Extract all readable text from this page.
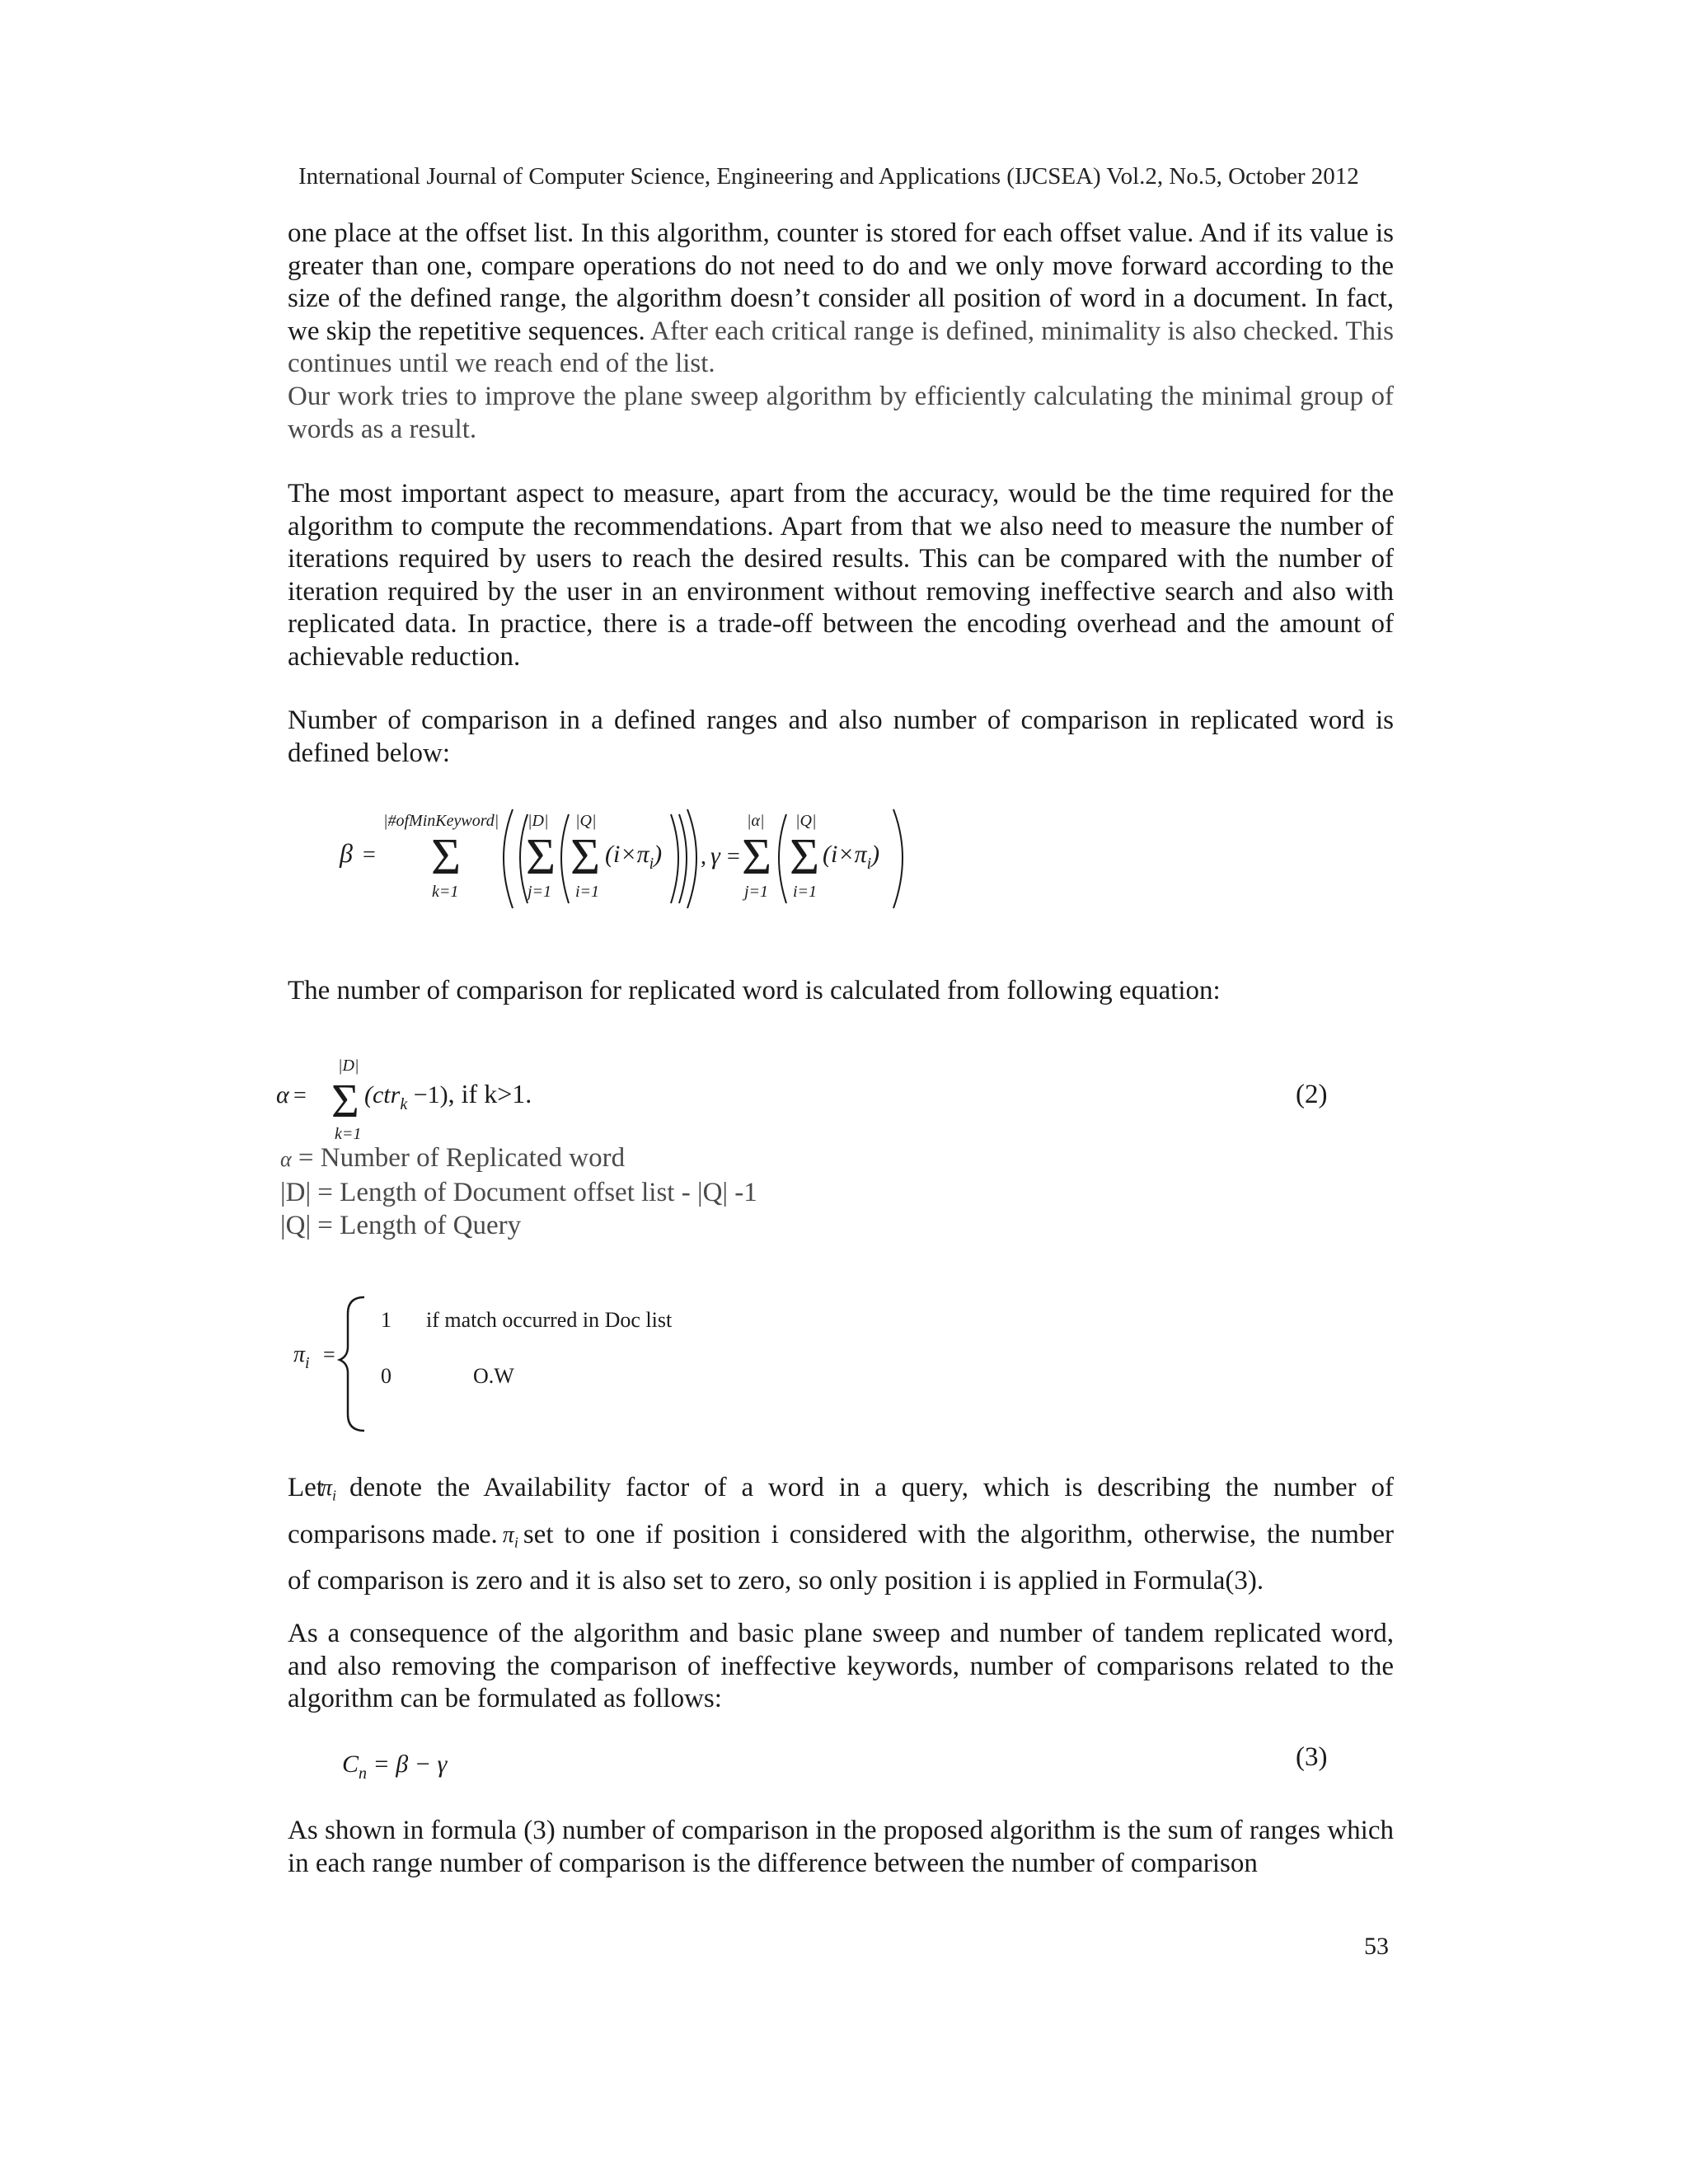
International Journal of Computer Science, Engineering and Applications (IJCSEA) Vol.2, No.5, October 2012
one place at the offset list. In this algorithm, counter is stored for each offset value. And if its value is greater than one, compare operations do not need to do and we only move forward according to the size of the defined range, the algorithm doesn’t consider all position of word in a document. In fact, we skip the repetitive sequences. After each critical range is defined, minimality is also checked. This continues until we reach end of the list.
Our work tries to improve the plane sweep algorithm by efficiently calculating the minimal group of words as a result.
The most important aspect to measure, apart from the accuracy, would be the time required for the algorithm to compute the recommendations. Apart from that we also need to measure the number of iterations required by users to reach the desired results. This can be compared with the number of iteration required by the user in an environment without removing ineffective search and also with replicated data. In practice, there is a trade-off between the encoding overhead and the amount of achievable reduction.
Number of comparison in a defined ranges and also number of comparison in replicated word is defined below:
β =
|#ofMinKeyword|
Σ
k=1
|D|
Σ
j=1
|Q|
Σ
i=1
$(i\times\pi_i)$ , γ =
|α|
Σ
j=1
|Q|
Σ
i=1
$(i\times\pi_i)$
The number of comparison for replicated word is calculated from following equation:
α =
|D|
Σ
k=1
(ctr$_k$ −1), if k>1.	(2)
α = Number of Replicated word
|D| = Length of Document offset list - |Q| -1
|Q| = Length of Query
$\pi_i$ =
1 if match occurred in Doc list
0	O.W
Let
$\pi_i$ denote the Availability factor of a word in a query, which is describing the number of
comparisons made. $\pi_i$ set to one if position i considered with the algorithm, otherwise, the number
of comparison is zero and it is also set to zero, so only position i is applied in Formula(3).
As a consequence of the algorithm and basic plane sweep and number of tandem replicated word, and also removing the comparison of ineffective keywords, number of comparisons related to the algorithm can be formulated as follows:
$C_n = \beta - \gamma$	(3)
As shown in formula (3) number of comparison in the proposed algorithm is the sum of ranges which in each range number of comparison is the difference between the number of comparison
53
